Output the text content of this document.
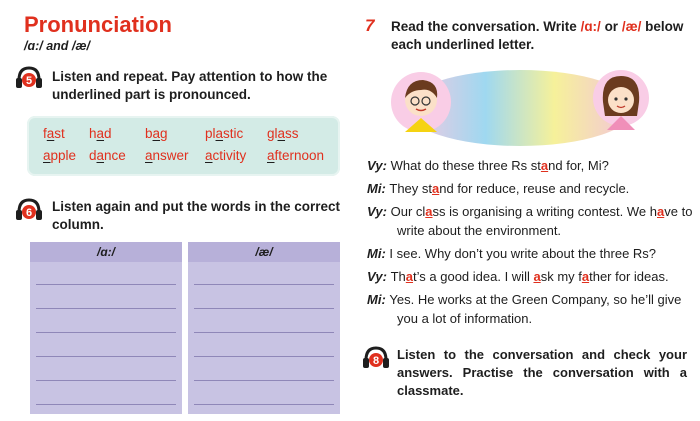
Pronunciation
/ɑ:/ and /æ/
5 Listen and repeat. Pay attention to how the underlined part is pronounced.
fast had bag	plastic glass
apple dance answer activity afternoon
6 Listen again and put the words in the correct column.
/ɑ:/	/æ/
7 Read the conversation. Write /ɑ:/ or /æ/ below each underlined letter.
Vy: What do these three Rs stand for, Mi?
Mi: They stand for reduce, reuse and recycle.
Vy: Our class is organising a writing contest. We have to write about the environment.
Mi: I see. Why don’t you write about the three Rs?
Vy: That’s a good idea. I will ask my father for ideas.
Mi: Yes. He works at the Green Company, so he’ll give you a lot of information.
8 Listen to the conversation and check your answers. Practise the conversation with a classmate.
